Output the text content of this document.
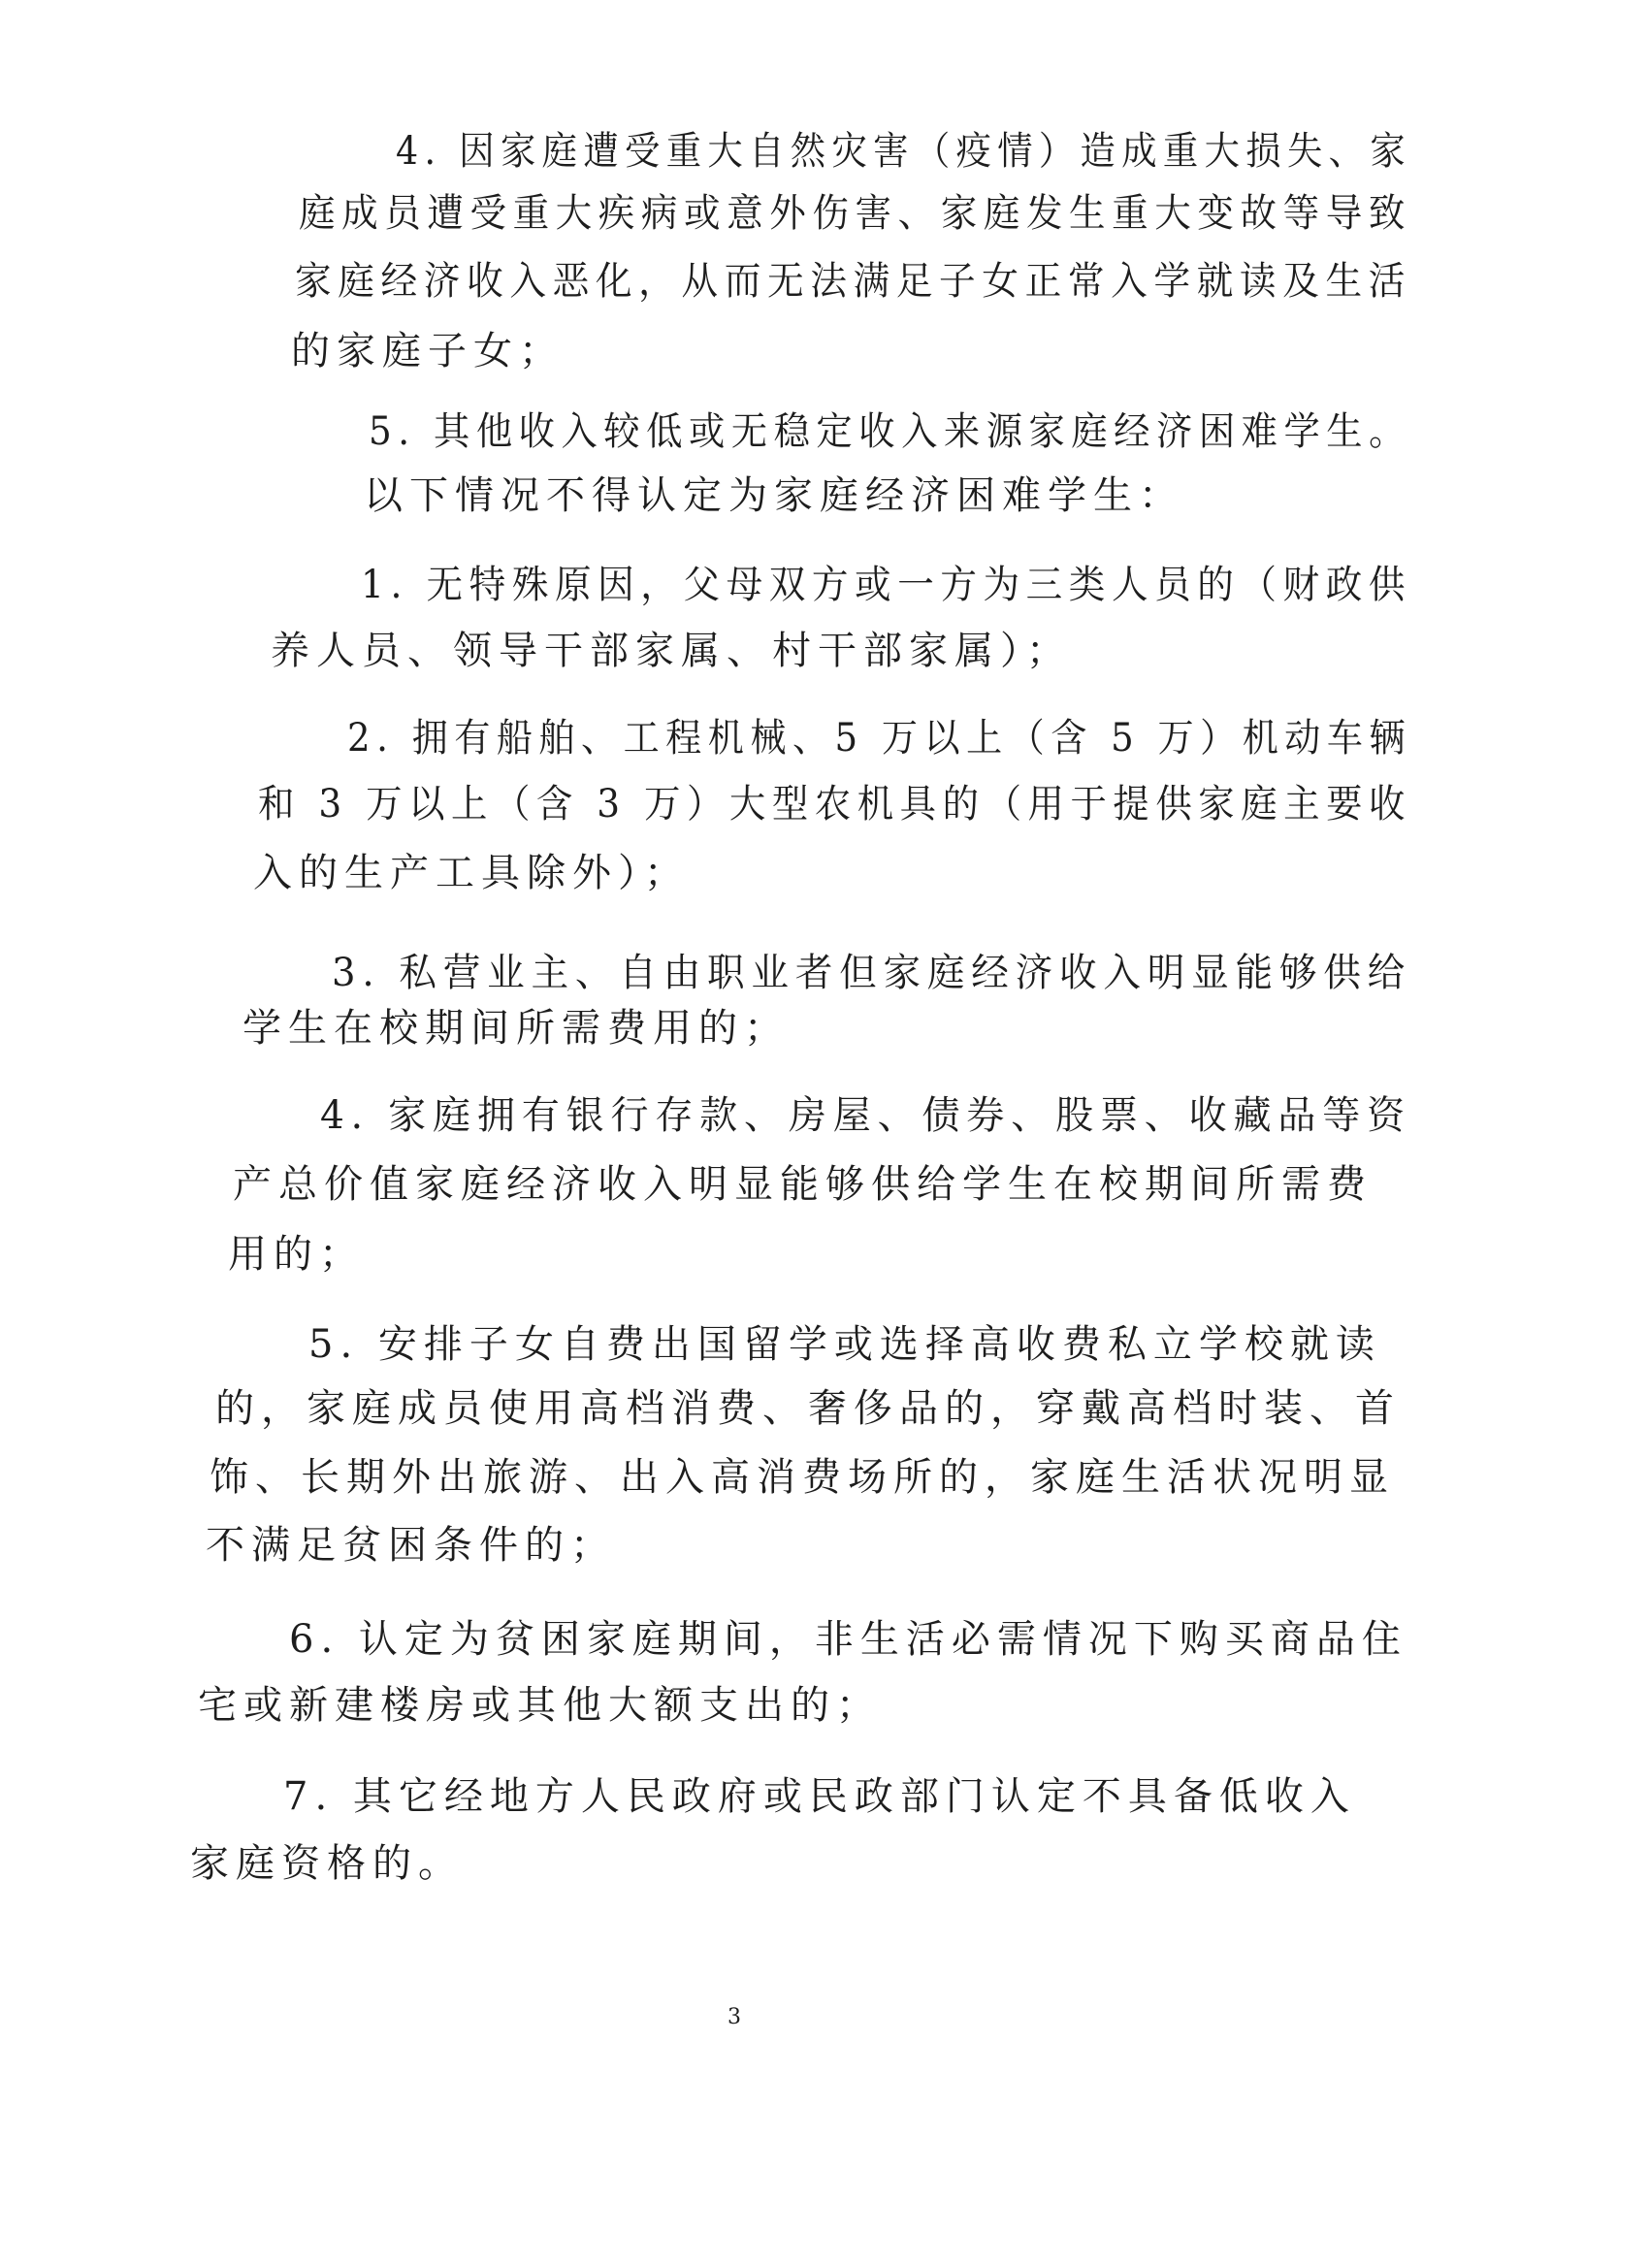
4. 因家庭遭受重大自然灾害（疫情）造成重大损失、家
庭成员遭受重大疾病或意外伤害、家庭发生重大变故等导致
家庭经济收入恶化，从而无法满足子女正常入学就读及生活
的家庭子女；
5. 其他收入较低或无稳定收入来源家庭经济困难学生。
以下情况不得认定为家庭经济困难学生：
1. 无特殊原因，父母双方或一方为三类人员的（财政供
养人员、领导干部家属、村干部家属）；
2. 拥有船舶、工程机械、5 万以上（含 5 万）机动车辆
和 3 万以上（含 3 万）大型农机具的（用于提供家庭主要收
入的生产工具除外）；
3. 私营业主、自由职业者但家庭经济收入明显能够供给
学生在校期间所需费用的；
4. 家庭拥有银行存款、房屋、债券、股票、收藏品等资
产总价值家庭经济收入明显能够供给学生在校期间所需费
用的；
5. 安排子女自费出国留学或选择高收费私立学校就读
的，家庭成员使用高档消费、奢侈品的，穿戴高档时装、首
饰、长期外出旅游、出入高消费场所的，家庭生活状况明显
不满足贫困条件的；
6. 认定为贫困家庭期间，非生活必需情况下购买商品住
宅或新建楼房或其他大额支出的；
7. 其它经地方人民政府或民政部门认定不具备低收入
家庭资格的。
3
